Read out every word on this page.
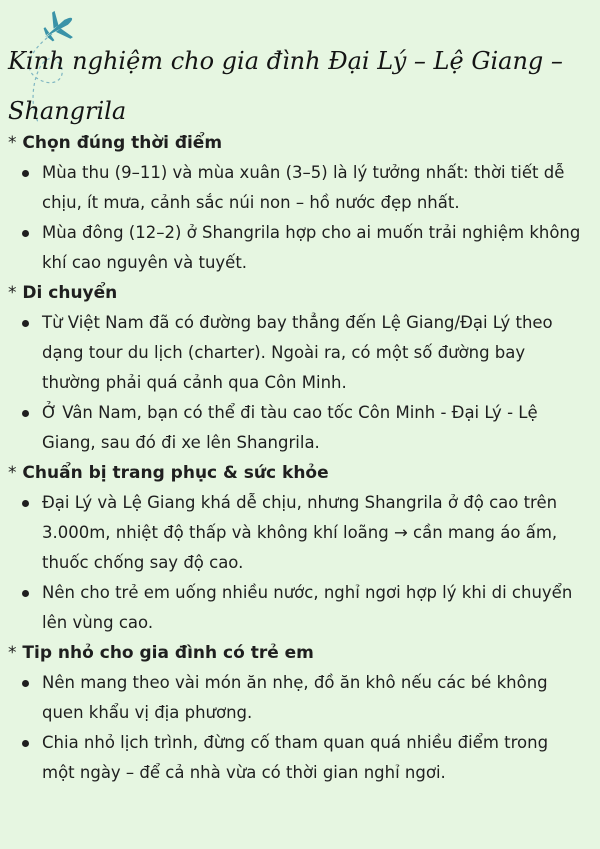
Kinh nghiệm cho gia đình Đại Lý – Lệ Giang – Shangrila

* Chọn đúng thời điểm

Mùa thu (9–11) và mùa xuân (3–5) là lý tưởng nhất: thời tiết dễ chịu, ít mưa, cảnh sắc núi non – hồ nước đẹp nhất.
Mùa đông (12–2) ở Shangrila hợp cho ai muốn trải nghiệm không khí cao nguyên và tuyết.

* Di chuyển

Từ Việt Nam đã có đường bay thẳng đến Lệ Giang/Đại Lý theo dạng tour du lịch (charter). Ngoài ra, có một số đường bay thường phải quá cảnh qua Côn Minh.
Ở Vân Nam, bạn có thể đi tàu cao tốc Côn Minh - Đại Lý - Lệ Giang, sau đó đi xe lên Shangrila.

* Chuẩn bị trang phục & sức khỏe

Đại Lý và Lệ Giang khá dễ chịu, nhưng Shangrila ở độ cao trên 3.000m, nhiệt độ thấp và không khí loãng → cần mang áo ấm, thuốc chống say độ cao.
Nên cho trẻ em uống nhiều nước, nghỉ ngơi hợp lý khi di chuyển lên vùng cao.

* Tip nhỏ cho gia đình có trẻ em

Nên mang theo vài món ăn nhẹ, đồ ăn khô nếu các bé không quen khẩu vị địa phương.
Chia nhỏ lịch trình, đừng cố tham quan quá nhiều điểm trong một ngày – để cả nhà vừa có thời gian nghỉ ngơi.
